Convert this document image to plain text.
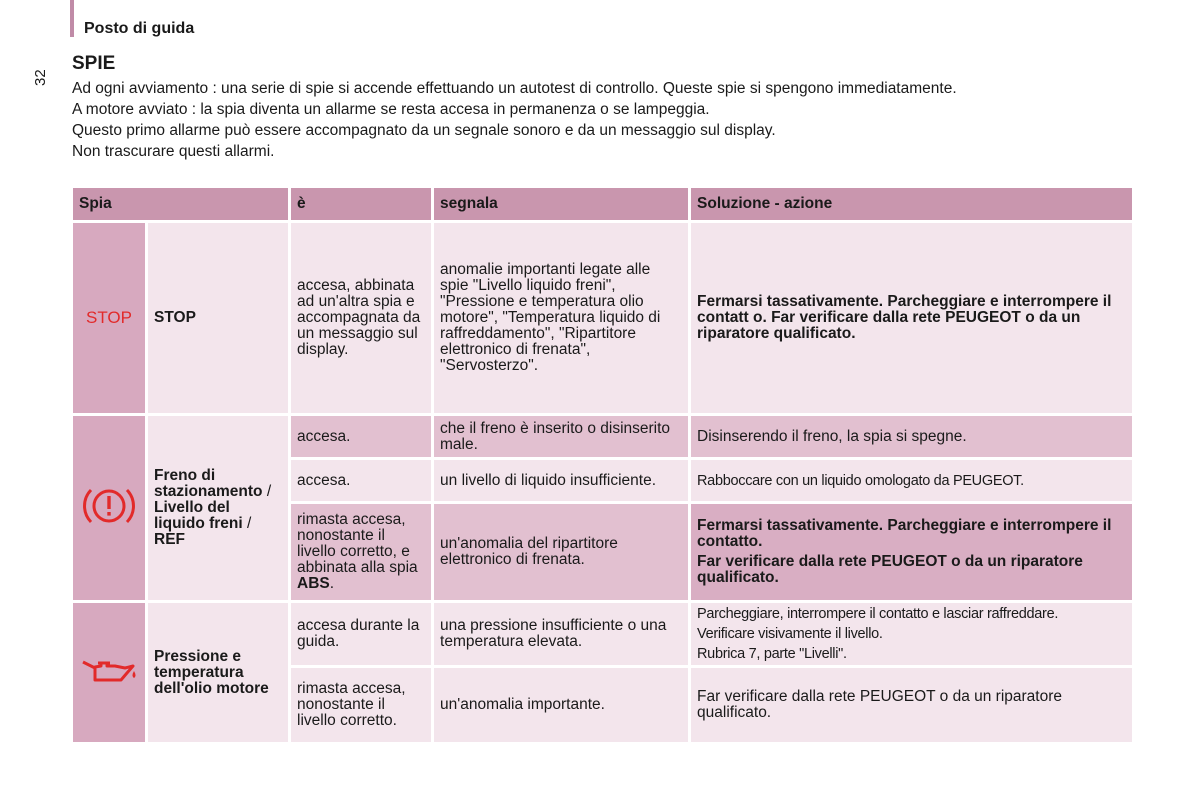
Posto di guida
32
SPIE

Ad ogni avviamento : una serie di spie si accende effettuando un autotest di controllo. Queste spie si spengono immediatamente.

A motore avviato : la spia diventa un allarme se resta accesa in permanenza o se lampeggia.

Questo primo allarme può essere accompagnato da un segnale sonoro e da un messaggio sul display.

Non trascurare questi allarmi.

Spia		è	segnala	Soluzione - azione
STOP	STOP	accesa, abbinata ad un'altra spia e accompagnata da un messaggio sul display.	anomalie importanti legate alle spie "Livello liquido freni", "Pressione e temperatura olio motore", "Temperatura liquido di raffreddamento", "Ripartitore elettronico di frenata", "Servosterzo".	Fermarsi tassativamente. Parcheggiare e interrompere il contatt o. Far verificare dalla rete PEUGEOT o da un riparatore qualificato.
	Freno di stazionamento / Livello del liquido freni / REF	accesa.	che il freno è inserito o disinserito male.	Disinserendo il freno, la spia si spegne.
		accesa.	un livello di liquido insufficiente.	Rabboccare con un liquido omologato da PEUGEOT.
		rimasta accesa, nonostante il livello corretto, e abbinata alla spia ABS.	un'anomalia del ripartitore elettronico di frenata.	Fermarsi tassativamente. Parcheggiare e interrompere il contatto.
Far verificare dalla rete PEUGEOT o da un riparatore qualificato.

	Pressione e temperatura dell'olio motore	accesa durante la guida.	una pressione insufficiente o una temperatura elevata.	Parcheggiare, interrompere il contatto e lasciar raffreddare.
Verificare visivamente il livello.
Rubrica 7, parte "Livelli".

		rimasta accesa, nonostante il livello corretto.	un'anomalia importante.	Far verificare dalla rete PEUGEOT o da un riparatore qualificato.
